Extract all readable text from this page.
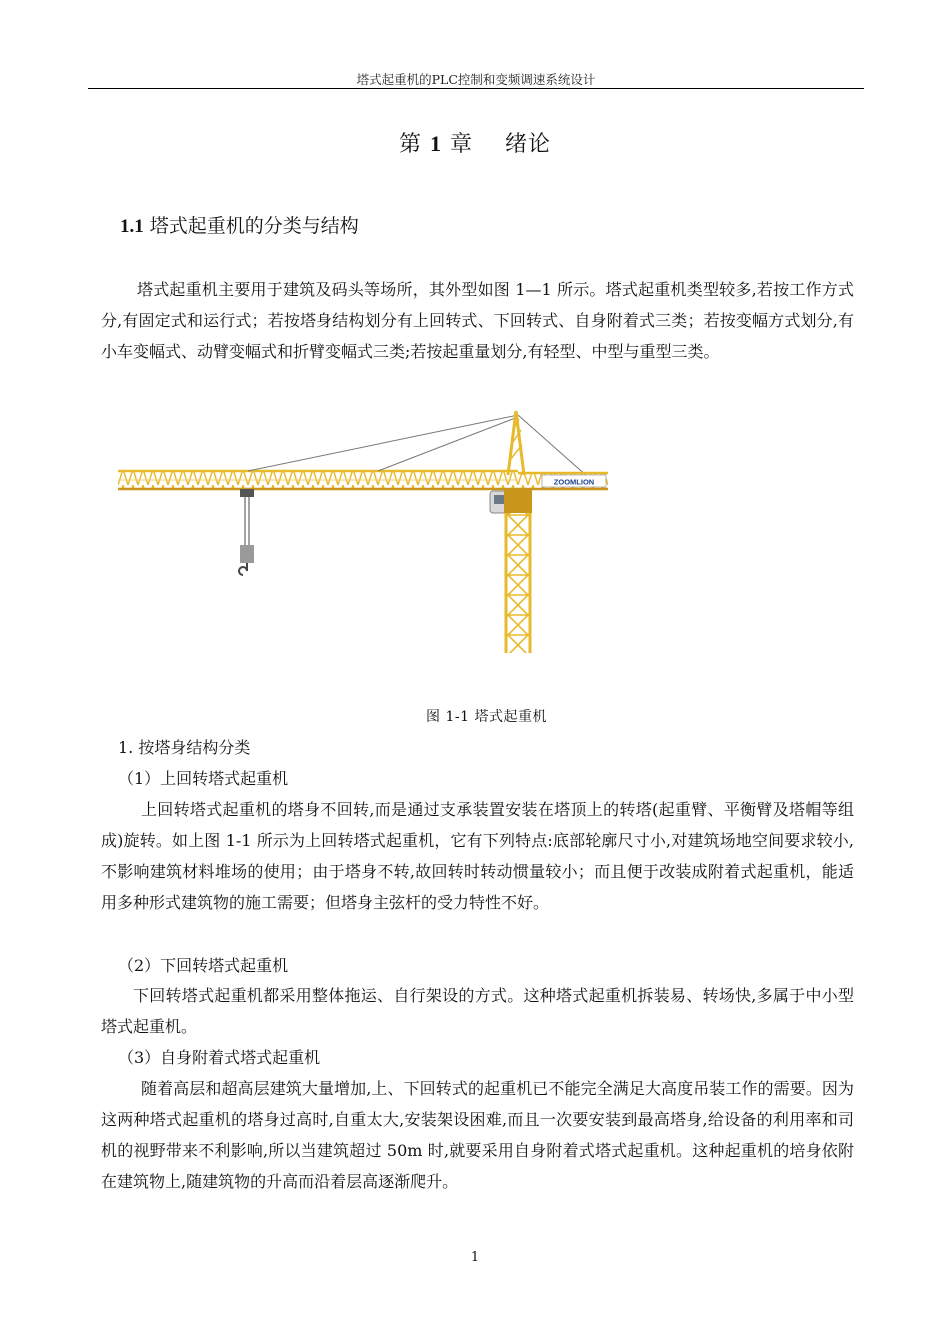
塔式起重机的PLC控制和变频调速系统设计
第 1 章 绪论
1.1 塔式起重机的分类与结构
塔式起重机主要用于建筑及码头等场所，其外型如图 1—1 所示。塔式起重机类型较多,若按工作方式分,有固定式和运行式；若按塔身结构划分有上回转式、下回转式、自身附着式三类；若按变幅方式划分,有小车变幅式、动臂变幅式和折臂变幅式三类;若按起重量划分,有轻型、中型与重型三类。
ZOOMLION
图 1-1 塔式起重机
1. 按塔身结构分类
（1）上回转塔式起重机
上回转塔式起重机的塔身不回转,而是通过支承装置安装在塔顶上的转塔(起重臂、平衡臂及塔帽等组成)旋转。如上图 1-1 所示为上回转塔式起重机，它有下列特点:底部轮廓尺寸小,对建筑场地空间要求较小,不影响建筑材料堆场的使用；由于塔身不转,故回转时转动惯量较小；而且便于改装成附着式起重机，能适用多种形式建筑物的施工需要；但塔身主弦杆的受力特性不好。
（2）下回转塔式起重机
下回转塔式起重机都采用整体拖运、自行架设的方式。这种塔式起重机拆装易、转场快,多属于中小型塔式起重机。
（3）自身附着式塔式起重机
随着高层和超高层建筑大量增加,上、下回转式的起重机已不能完全满足大高度吊装工作的需要。因为这两种塔式起重机的塔身过高时,自重太大,安装架设困难,而且一次要安装到最高塔身,给设备的利用率和司机的视野带来不利影响,所以当建筑超过 50m 时,就要采用自身附着式塔式起重机。这种起重机的培身依附在建筑物上,随建筑物的升高而沿着层高逐渐爬升。
1
